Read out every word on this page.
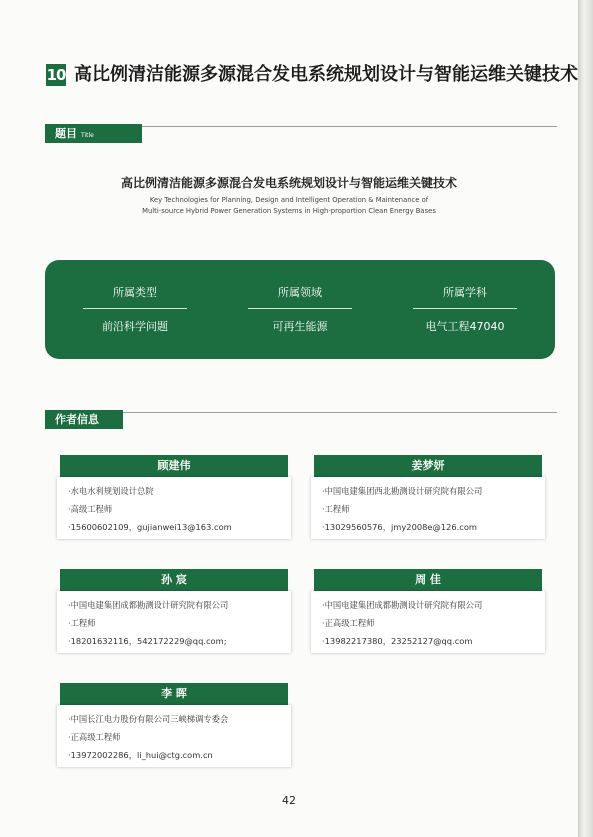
10 高比例清洁能源多源混合发电系统规划设计与智能运维关键技术
题目 Title
高比例清洁能源多源混合发电系统规划设计与智能运维关键技术
Key Technologies for Planning, Design and Intelligent Operation & Maintenance of
Multi-source Hybrid Power Generation Systems in High-proportion Clean Energy Bases
所属类型
前沿科学问题
所属领域
可再生能源
所属学科
电气工程47040
作者信息
顾建伟
·水电水利规划设计总院
·高级工程师
·15600602109，gujianwei13@163.com
姜梦妍
·中国电建集团西北勘测设计研究院有限公司
·工程师
·13029560576，jmy2008e@126.com
孙 宸
·中国电建集团成都勘测设计研究院有限公司
·工程师
·18201632116，542172229@qq.com;
周 佳
·中国电建集团成都勘测设计研究院有限公司
·正高级工程师
·13982217380，23252127@qq.com
李 晖
·中国长江电力股份有限公司三峡梯调专委会
·正高级工程师
·13972002286，li_hui@ctg.com.cn
42
